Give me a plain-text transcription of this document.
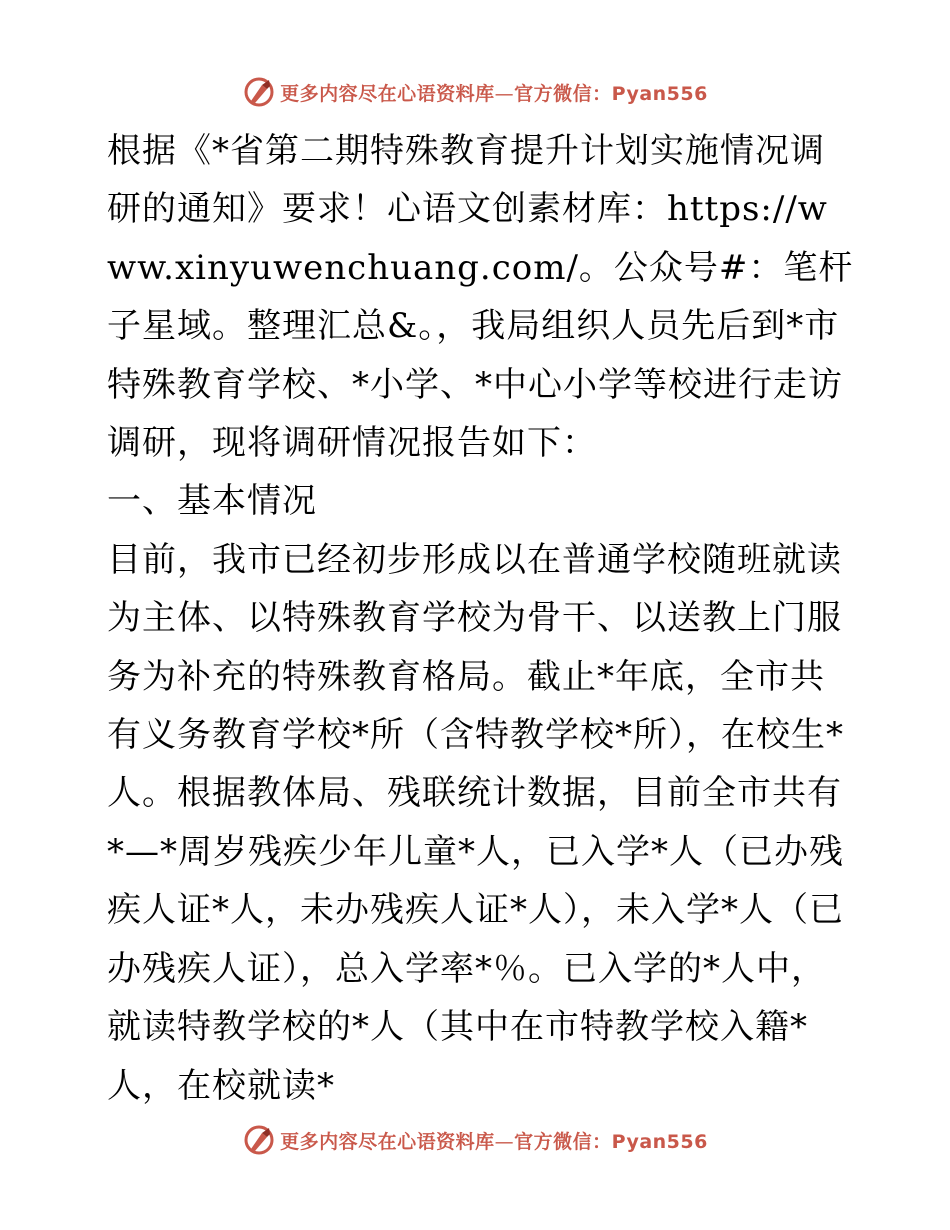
更多内容尽在心语资料库—官方微信：Pyan556

根据《*省第二期特殊教育提升计划实施情况调研的通知》要求！心语文创素材库：https://www.xinyuwenchuang.com/。公众号#：笔杆子星域。整理汇总&。，我局组织人员先后到*市特殊教育学校、*小学、*中心小学等校进行走访调研，现将调研情况报告如下：

一、基本情况

目前，我市已经初步形成以在普通学校随班就读为主体、以特殊教育学校为骨干、以送教上门服务为补充的特殊教育格局。截止*年底，全市共有义务教育学校*所（含特教学校*所），在校生*人。根据教体局、残联统计数据，目前全市共有*—*周岁残疾少年儿童*人，已入学*人（已办残疾人证*人，未办残疾人证*人），未入学*人（已办残疾人证），总入学率*％。已入学的*人中，就读特教学校的*人（其中在市特教学校入籍*人，在校就读*

更多内容尽在心语资料库—官方微信：Pyan556
